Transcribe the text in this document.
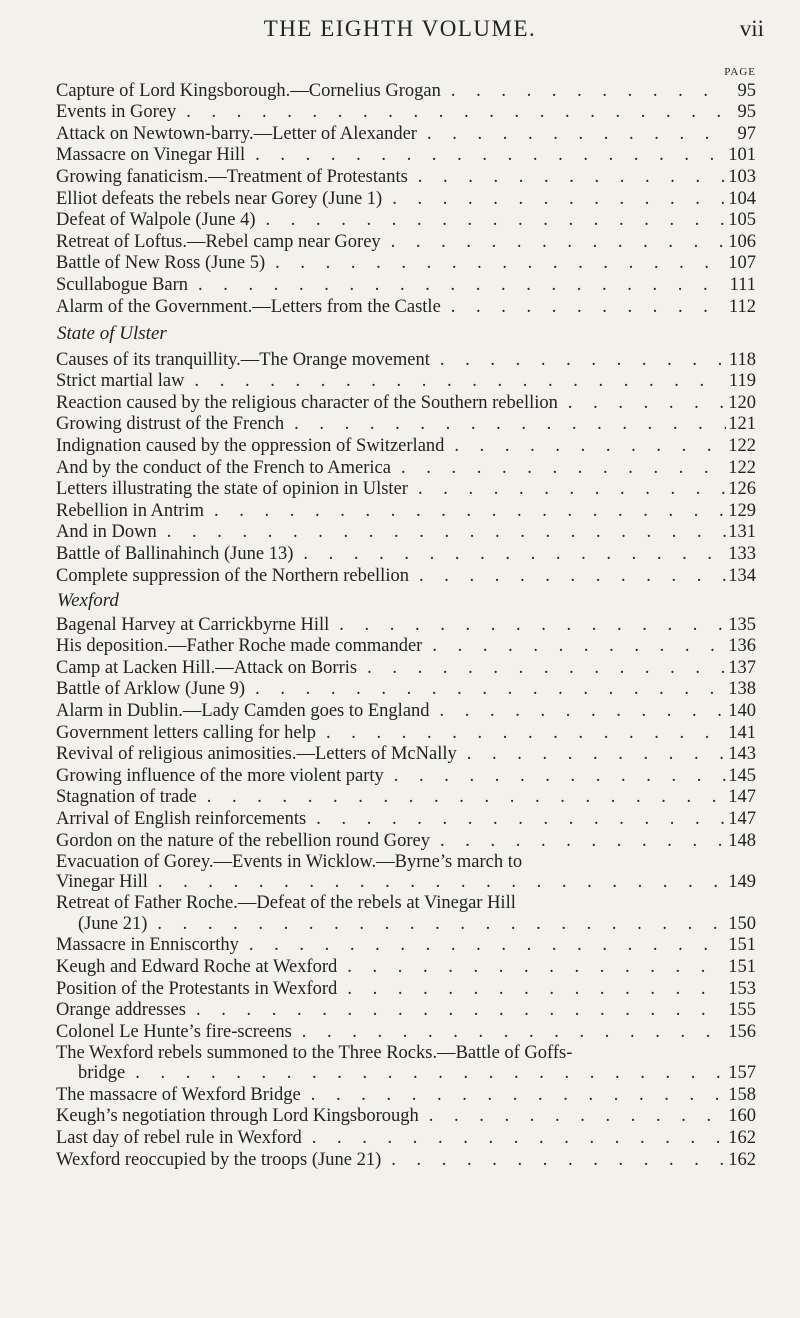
THE EIGHTH VOLUME.	vii
PAGE
Capture of Lord Kingsborough.—Cornelius Grogan . . .	95
Events in Gorey . . .	95
Attack on Newtown-barry.—Letter of Alexander . . .	97
Massacre on Vinegar Hill . . .	101
Growing fanaticism.—Treatment of Protestants . . .	103
Elliot defeats the rebels near Gorey (June 1) . . .	104
Defeat of Walpole (June 4) . . .	105
Retreat of Loftus.—Rebel camp near Gorey . . .	106
Battle of New Ross (June 5) . . .	107
Scullabogue Barn . . .	111
Alarm of the Government.—Letters from the Castle . . .	112
State of Ulster
Causes of its tranquillity.—The Orange movement . . .	118
Strict martial law . . .	119
Reaction caused by the religious character of the Southern rebellion . . .	120
Growing distrust of the French . . .	121
Indignation caused by the oppression of Switzerland . . .	122
And by the conduct of the French to America . . .	122
Letters illustrating the state of opinion in Ulster . . .	126
Rebellion in Antrim . . .	129
And in Down . . .	131
Battle of Ballinahinch (June 13) . . .	133
Complete suppression of the Northern rebellion . . .	134
Wexford
Bagenal Harvey at Carrickbyrne Hill . . .	135
His deposition.—Father Roche made commander . . .	136
Camp at Lacken Hill.—Attack on Borris . . .	137
Battle of Arklow (June 9) . . .	138
Alarm in Dublin.—Lady Camden goes to England . . .	140
Government letters calling for help . . .	141
Revival of religious animosities.—Letters of McNally . . .	143
Growing influence of the more violent party . . .	145
Stagnation of trade . . .	147
Arrival of English reinforcements . . .	147
Gordon on the nature of the rebellion round Gorey . . .	148
Evacuation of Gorey.—Events in Wicklow.—Byrne’s march to
Vinegar Hill . . .	149
Retreat of Father Roche.—Defeat of the rebels at Vinegar Hill
(June 21) . . .	150
Massacre in Enniscorthy . . .	151
Keugh and Edward Roche at Wexford . . .	151
Position of the Protestants in Wexford . . .	153
Orange addresses . . .	155
Colonel Le Hunte’s fire-screens . . .	156
The Wexford rebels summoned to the Three Rocks.—Battle of Goffs-
bridge . . .	157
The massacre of Wexford Bridge . . .	158
Keugh’s negotiation through Lord Kingsborough . . .	160
Last day of rebel rule in Wexford . . .	162
Wexford reoccupied by the troops (June 21) . . .	162
